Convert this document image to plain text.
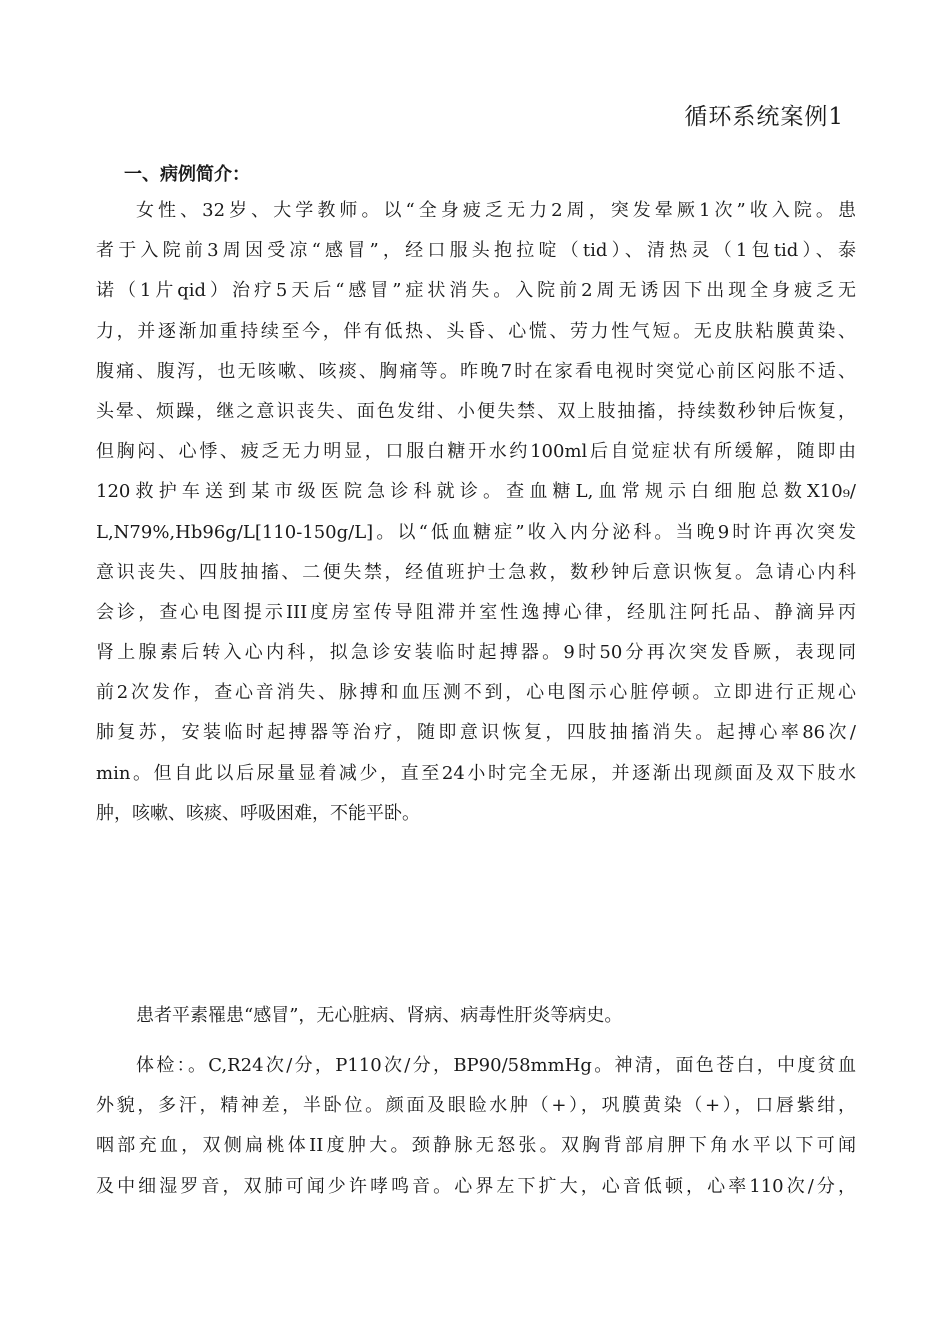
循环系统案例1
一、病例简介：
女性、32岁、大学教师。以“全身疲乏无力2周，突发晕厥1次”收入院。患
者于入院前3周因受凉“感冒”，经口服头抱拉啶（tid）、清热灵（1包tid）、泰
诺（1片qid）治疗5天后“感冒”症状消失。入院前2周无诱因下出现全身疲乏无
力，并逐渐加重持续至今，伴有低热、头昏、心慌、劳力性气短。无皮肤粘膜黄染、
腹痛、腹泻，也无咳嗽、咳痰、胸痛等。昨晚7时在家看电视时突觉心前区闷胀不适、
头晕、烦躁，继之意识丧失、面色发绀、小便失禁、双上肢抽搐，持续数秒钟后恢复，
但胸闷、心悸、疲乏无力明显，口服白糖开水约100ml后自觉症状有所缓解，随即由
120救护车送到某市级医院急诊科就诊。查血糖L,血常规示白细胞总数X10₉/
L,N79%,Hb96g/L[110-150g/L]。以“低血糖症”收入内分泌科。当晚9时许再次突发
意识丧失、四肢抽搐、二便失禁，经值班护士急救，数秒钟后意识恢复。急请心内科
会诊，查心电图提示III度房室传导阻滞并室性逸搏心律，经肌注阿托品、静滴异丙
肾上腺素后转入心内科，拟急诊安装临时起搏器。9时50分再次突发昏厥，表现同
前2次发作，查心音消失、脉搏和血压测不到，心电图示心脏停顿。立即进行正规心
肺复苏，安装临时起搏器等治疗，随即意识恢复，四肢抽搐消失。起搏心率86次/
min。但自此以后尿量显着减少，直至24小时完全无尿，并逐渐出现颜面及双下肢水
肿，咳嗽、咳痰、呼吸困难，不能平卧。
患者平素罹患“感冒”，无心脏病、肾病、病毒性肝炎等病史。
体检：。C,R24次/分，P110次/分，BP90/58mmHg。神清，面色苍白，中度贫血
外貌，多汗，精神差，半卧位。颜面及眼睑水肿（+），巩膜黄染（+），口唇紫绀，
咽部充血，双侧扁桃体II度肿大。颈静脉无怒张。双胸背部肩胛下角水平以下可闻
及中细湿罗音，双肺可闻少许哮鸣音。心界左下扩大，心音低顿，心率110次/分，
